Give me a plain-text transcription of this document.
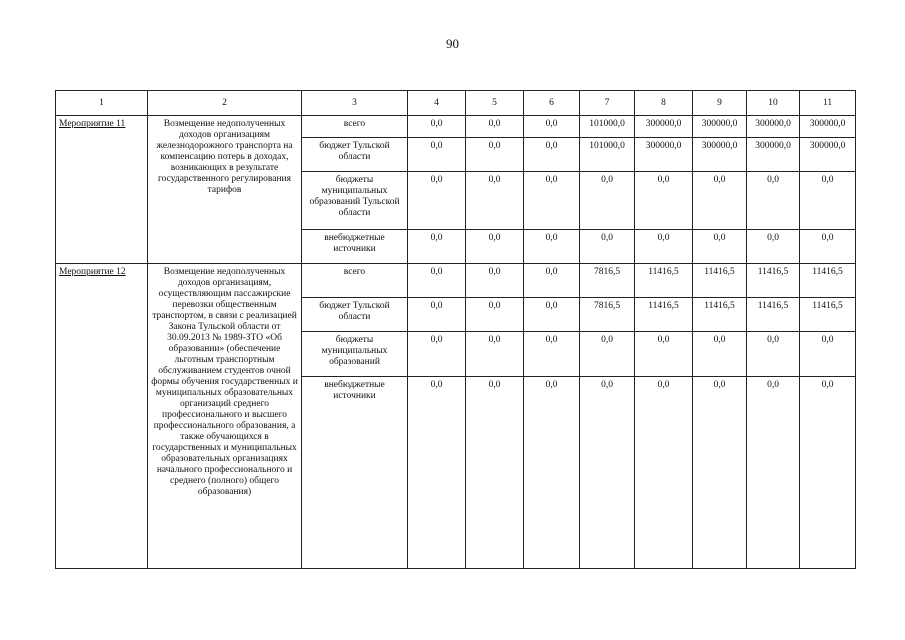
90
1	2	3	4	5	6	7	8	9	10	11
Мероприятие 11	Возмещение недополученных доходов организациям железнодорожного транспорта на компенсацию потерь в доходах, возникающих в результате государственного регулирования тарифов	всего	0,0	0,0	0,0	101000,0	300000,0	300000,0	300000,0	300000,0
		бюджет Тульской области	0,0	0,0	0,0	101000,0	300000,0	300000,0	300000,0	300000,0
		бюджеты муниципальных образований Тульской области	0,0	0,0	0,0	0,0	0,0	0,0	0,0	0,0
		внебюджетные источники	0,0	0,0	0,0	0,0	0,0	0,0	0,0	0,0
Мероприятие 12	Возмещение недополученных доходов организациям, осуществляющим пассажирские перевозки общественным транспортом, в связи с реализацией Закона Тульской области от 30.09.2013 № 1989-ЗТО «Об образовании» (обеспечение льготным транспортным обслуживанием студентов очной формы обучения государственных и муниципальных образовательных организаций среднего профессионального и высшего профессионального образования, а также обучающихся в государственных и муниципальных образовательных организациях начального профессионального и среднего (полного) общего образования)	всего	0,0	0,0	0,0	7816,5	11416,5	11416,5	11416,5	11416,5
		бюджет Тульской области	0,0	0,0	0,0	7816,5	11416,5	11416,5	11416,5	11416,5
		бюджеты муниципальных образований	0,0	0,0	0,0	0,0	0,0	0,0	0,0	0,0
		внебюджетные источники	0,0	0,0	0,0	0,0	0,0	0,0	0,0	0,0
